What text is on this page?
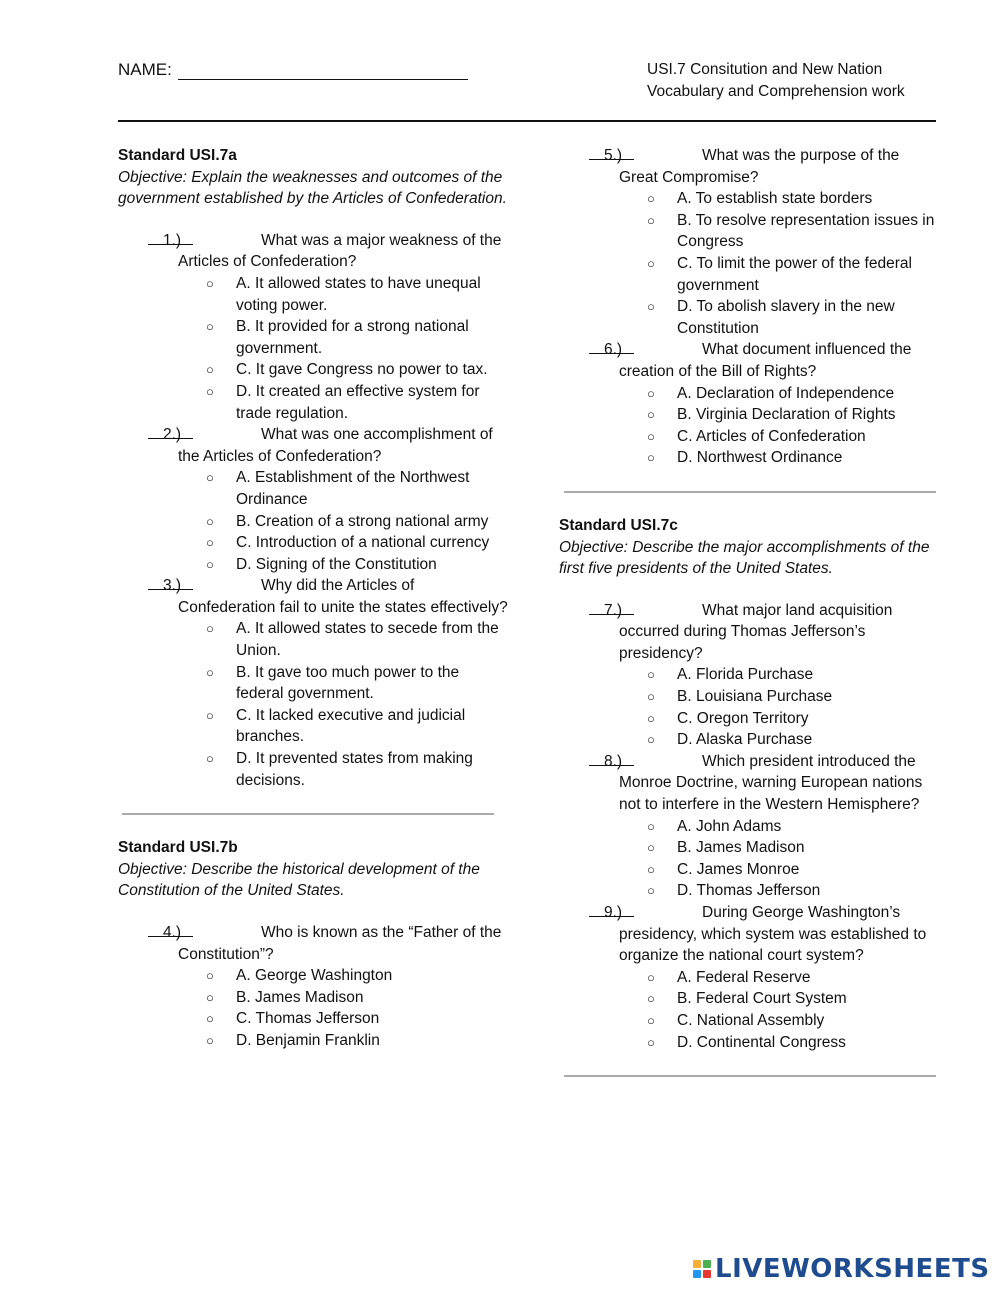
NAME:	USI.7 Consitution and New Nation
Vocabulary and Comprehension work
Standard USI.7a
Objective: Explain the weaknesses and outcomes of the government established by the Articles of Confederation.
1.)	What was a major weakness of the Articles of Confederation?
○ A. It allowed states to have unequal voting power.
○ B. It provided for a strong national government.
○ C. It gave Congress no power to tax.
○ D. It created an effective system for trade regulation.
2.)	What was one accomplishment of the Articles of Confederation?
○ A. Establishment of the Northwest Ordinance
○ B. Creation of a strong national army
○ C. Introduction of a national currency
○ D. Signing of the Constitution
3.)	Why did the Articles of Confederation fail to unite the states effectively?
○ A. It allowed states to secede from the Union.
○ B. It gave too much power to the federal government.
○ C. It lacked executive and judicial branches.
○ D. It prevented states from making decisions.
Standard USI.7b
Objective: Describe the historical development of the Constitution of the United States.
4.)	Who is known as the “Father of the Constitution”?
○ A. George Washington
○ B. James Madison
○ C. Thomas Jefferson
○ D. Benjamin Franklin
5.)	What was the purpose of the Great Compromise?
○ A. To establish state borders
○ B. To resolve representation issues in Congress
○ C. To limit the power of the federal government
○ D. To abolish slavery in the new Constitution
6.)	What document influenced the creation of the Bill of Rights?
○ A. Declaration of Independence
○ B. Virginia Declaration of Rights
○ C. Articles of Confederation
○ D. Northwest Ordinance
Standard USI.7c
Objective: Describe the major accomplishments of the first five presidents of the United States.
7.)	What major land acquisition occurred during Thomas Jefferson’s presidency?
○ A. Florida Purchase
○ B. Louisiana Purchase
○ C. Oregon Territory
○ D. Alaska Purchase
8.)	Which president introduced the Monroe Doctrine, warning European nations not to interfere in the Western Hemisphere?
○ A. John Adams
○ B. James Madison
○ C. James Monroe
○ D. Thomas Jefferson
9.)	During George Washington’s presidency, which system was established to organize the national court system?
○ A. Federal Reserve
○ B. Federal Court System
○ C. National Assembly
○ D. Continental Congress
LIVEWORKSHEETS
